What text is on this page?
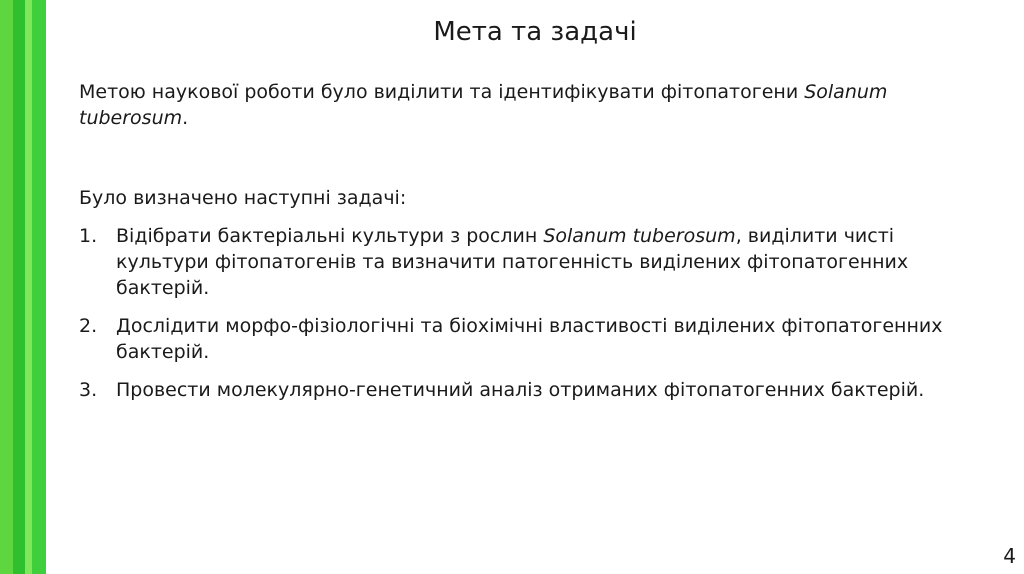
Мета та задачі

Метою наукової роботи було виділити та ідентифікувати фітопатогени Solanum tuberosum.

Було визначено наступні задачі:

1. Відібрати бактеріальні культури з рослин Solanum tuberosum, виділити чисті культури фітопатогенів та визначити патогенність виділених фітопатогенних бактерій.
2. Дослідити морфо-фізіологічні та біохімічні властивості виділених фітопатогенних бактерій.
3. Провести молекулярно-генетичний аналіз отриманих фітопатогенних бактерій.
4
